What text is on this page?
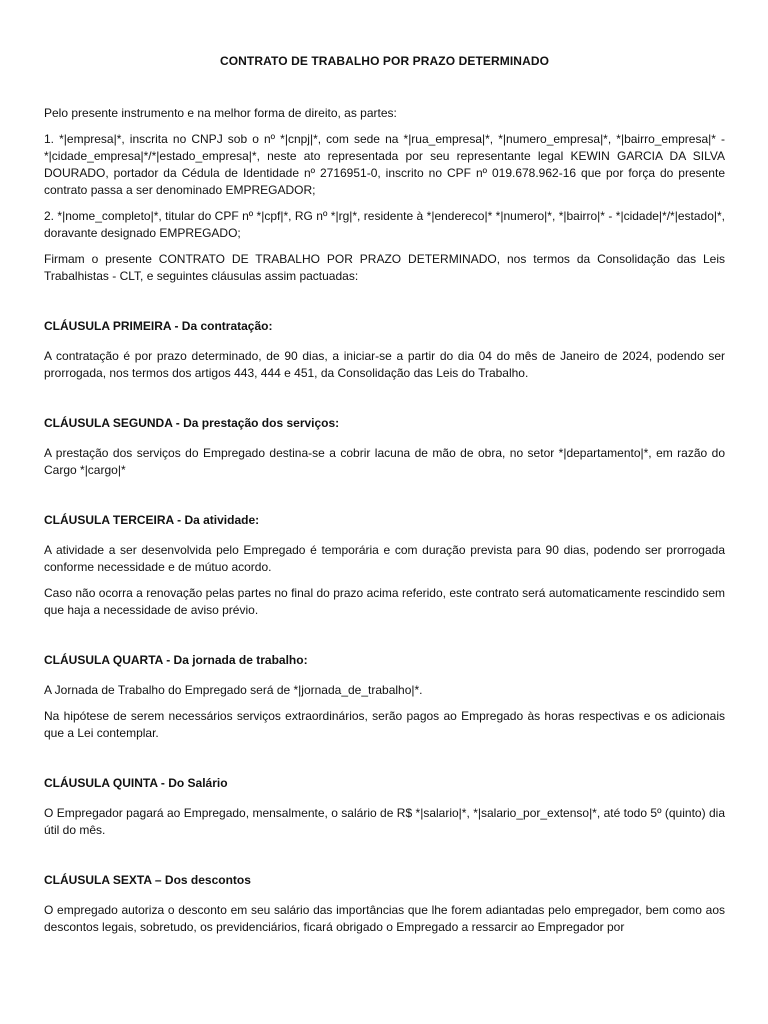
CONTRATO DE TRABALHO POR PRAZO DETERMINADO

Pelo presente instrumento e na melhor forma de direito, as partes:

1. *|empresa|*, inscrita no CNPJ sob o nº *|cnpj|*, com sede na *|rua_empresa|*, *|numero_empresa|*, *|bairro_empresa|* - *|cidade_empresa|*/*|estado_empresa|*, neste ato representada por seu representante legal KEWIN GARCIA DA SILVA DOURADO, portador da Cédula de Identidade nº 2716951-0, inscrito no CPF nº 019.678.962-16 que por força do presente contrato passa a ser denominado EMPREGADOR;

2. *|nome_completo|*, titular do CPF nº *|cpf|*, RG nº *|rg|*, residente à *|endereco|* *|numero|*, *|bairro|* - *|cidade|*/*|estado|*, doravante designado EMPREGADO;

Firmam o presente CONTRATO DE TRABALHO POR PRAZO DETERMINADO, nos termos da Consolidação das Leis Trabalhistas - CLT, e seguintes cláusulas assim pactuadas:

CLÁUSULA PRIMEIRA - Da contratação:

A contratação é por prazo determinado, de 90 dias, a iniciar-se a partir do dia 04 do mês de Janeiro de 2024, podendo ser prorrogada, nos termos dos artigos 443, 444 e 451, da Consolidação das Leis do Trabalho.

CLÁUSULA SEGUNDA - Da prestação dos serviços:

A prestação dos serviços do Empregado destina-se a cobrir lacuna de mão de obra, no setor *|departamento|*, em razão do Cargo *|cargo|*

CLÁUSULA TERCEIRA - Da atividade:

A atividade a ser desenvolvida pelo Empregado é temporária e com duração prevista para 90 dias, podendo ser prorrogada conforme necessidade e de mútuo acordo.

Caso não ocorra a renovação pelas partes no final do prazo acima referido, este contrato será automaticamente rescindido sem que haja a necessidade de aviso prévio.

CLÁUSULA QUARTA - Da jornada de trabalho:

A Jornada de Trabalho do Empregado será de *|jornada_de_trabalho|*.

Na hipótese de serem necessários serviços extraordinários, serão pagos ao Empregado às horas respectivas e os adicionais que a Lei contemplar.

CLÁUSULA QUINTA - Do Salário

O Empregador pagará ao Empregado, mensalmente, o salário de R$ *|salario|*, *|salario_por_extenso|*, até todo 5º (quinto) dia útil do mês.

CLÁUSULA SEXTA – Dos descontos

O empregado autoriza o desconto em seu salário das importâncias que lhe forem adiantadas pelo empregador, bem como aos descontos legais, sobretudo, os previdenciários, ficará obrigado o Empregado a ressarcir ao Empregador por
